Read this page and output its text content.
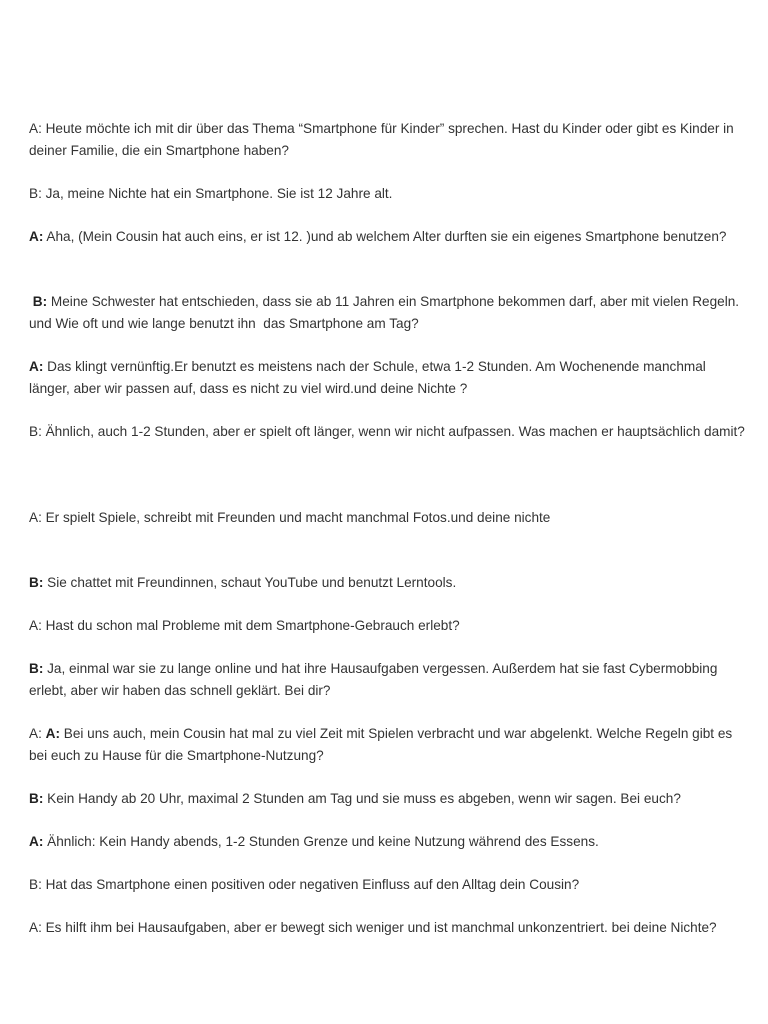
A: Heute möchte ich mit dir über das Thema “Smartphone für Kinder” sprechen. Hast du Kinder oder gibt es Kinder in deiner Familie, die ein Smartphone haben?

B: Ja, meine Nichte hat ein Smartphone. Sie ist 12 Jahre alt.

A: Aha, (Mein Cousin hat auch eins, er ist 12. )und ab welchem Alter durften sie ein eigenes Smartphone benutzen?

B: Meine Schwester hat entschieden, dass sie ab 11 Jahren ein Smartphone bekommen darf, aber mit vielen Regeln. und Wie oft und wie lange benutzt ihn  das Smartphone am Tag?

A: Das klingt vernünftig.Er benutzt es meistens nach der Schule, etwa 1-2 Stunden. Am Wochenende manchmal länger, aber wir passen auf, dass es nicht zu viel wird.und deine Nichte ?

B: Ähnlich, auch 1-2 Stunden, aber er spielt oft länger, wenn wir nicht aufpassen. Was machen er hauptsächlich damit?

A: Er spielt Spiele, schreibt mit Freunden und macht manchmal Fotos.und deine nichte

B: Sie chattet mit Freundinnen, schaut YouTube und benutzt Lerntools.

A: Hast du schon mal Probleme mit dem Smartphone-Gebrauch erlebt?

B: Ja, einmal war sie zu lange online und hat ihre Hausaufgaben vergessen. Außerdem hat sie fast Cybermobbing erlebt, aber wir haben das schnell geklärt. Bei dir?

A: A: Bei uns auch, mein Cousin hat mal zu viel Zeit mit Spielen verbracht und war abgelenkt. Welche Regeln gibt es bei euch zu Hause für die Smartphone-Nutzung?

B: Kein Handy ab 20 Uhr, maximal 2 Stunden am Tag und sie muss es abgeben, wenn wir sagen. Bei euch?

A: Ähnlich: Kein Handy abends, 1-2 Stunden Grenze und keine Nutzung während des Essens.

B: Hat das Smartphone einen positiven oder negativen Einfluss auf den Alltag dein Cousin?

A: Es hilft ihm bei Hausaufgaben, aber er bewegt sich weniger und ist manchmal unkonzentriert. bei deine Nichte?
